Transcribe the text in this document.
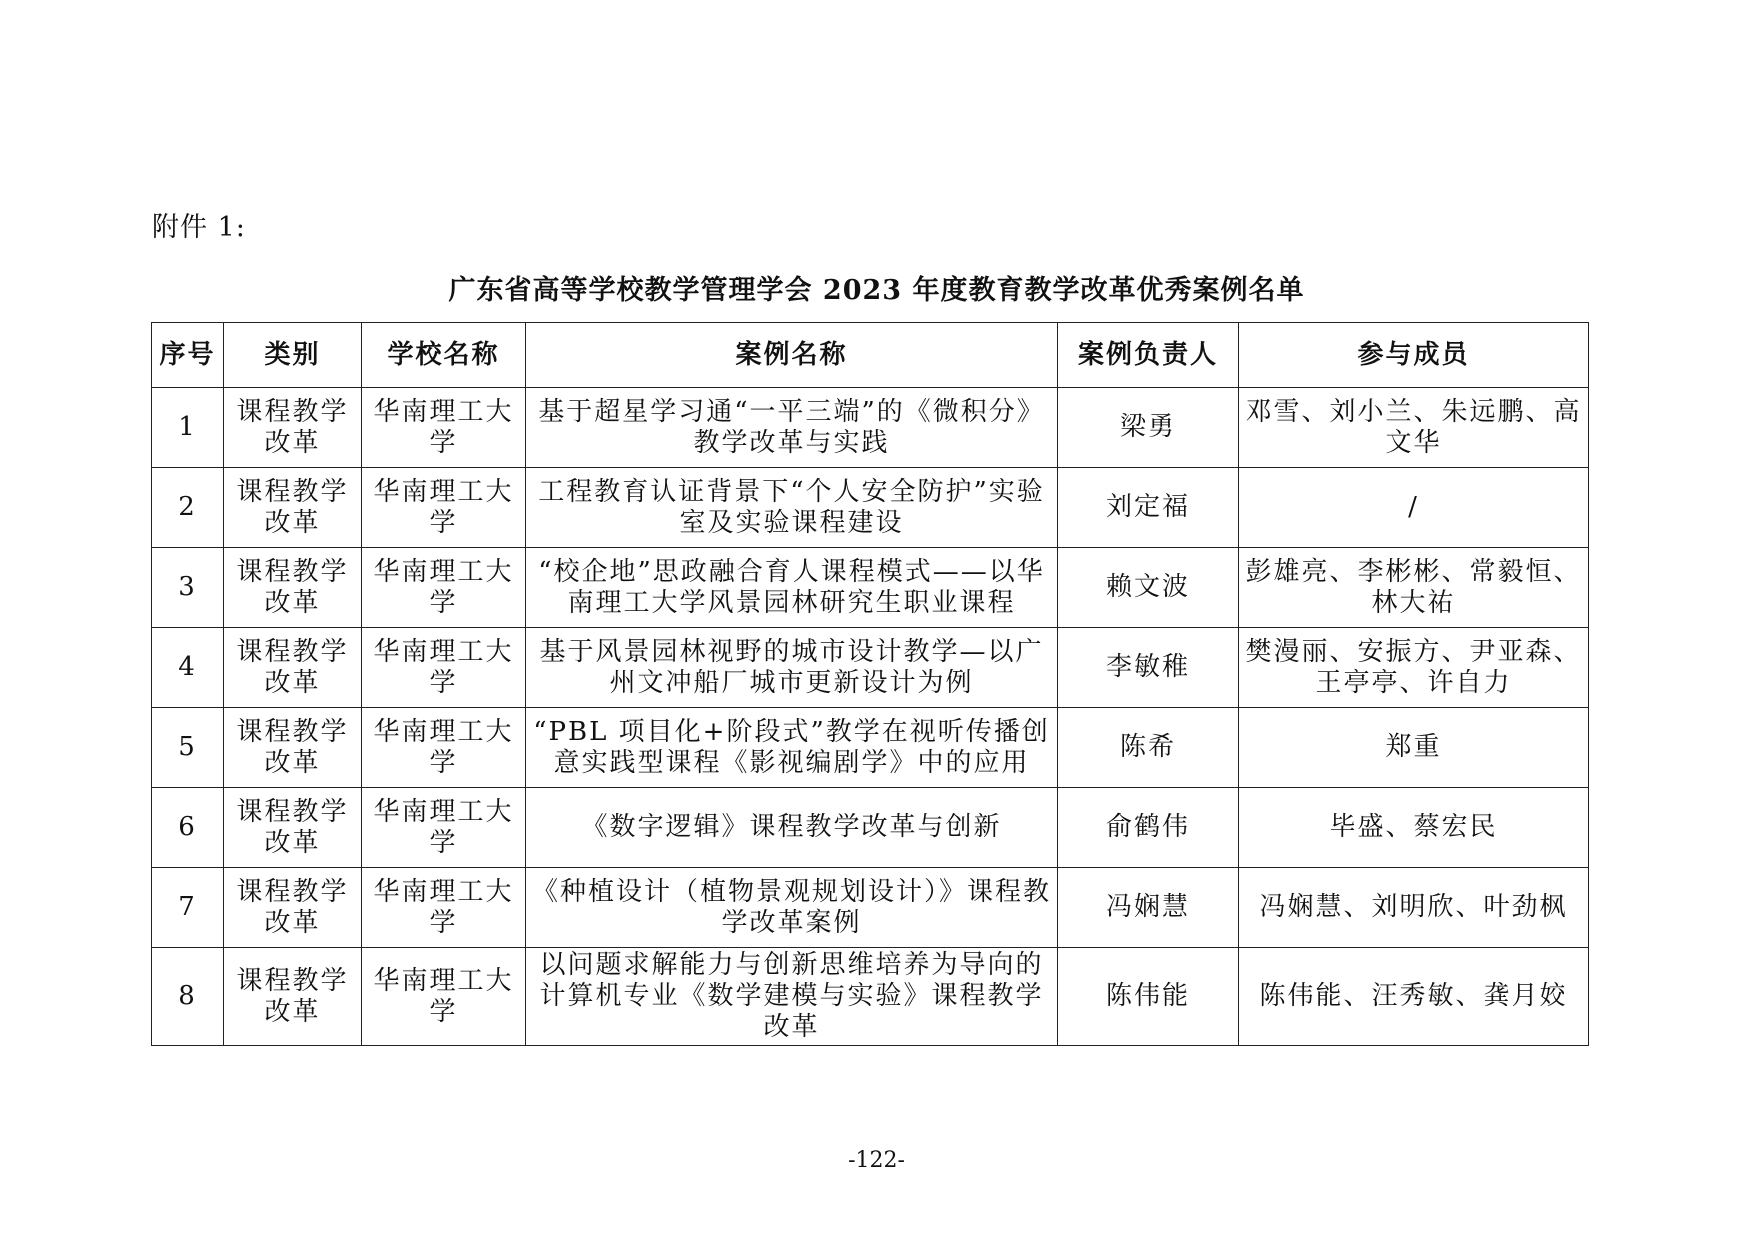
附件 1:
广东省高等学校教学管理学会 2023 年度教育教学改革优秀案例名单
序号	类别	学校名称	案例名称	案例负责人	参与成员
1	课程教学改革	华南理工大学	基于超星学习通“一平三端”的《微积分》教学改革与实践	梁勇	邓雪、刘小兰、朱远鹏、高文华
2	课程教学改革	华南理工大学	工程教育认证背景下“个人安全防护”实验室及实验课程建设	刘定福	/
3	课程教学改革	华南理工大学	“校企地”思政融合育人课程模式——以华南理工大学风景园林研究生职业课程	赖文波	彭雄亮、李彬彬、常毅恒、林大祐
4	课程教学改革	华南理工大学	基于风景园林视野的城市设计教学—以广州文冲船厂城市更新设计为例	李敏稚	樊漫丽、安振方、尹亚森、王亭亭、许自力
5	课程教学改革	华南理工大学	“PBL 项目化+阶段式”教学在视听传播创意实践型课程《影视编剧学》中的应用	陈希	郑重
6	课程教学改革	华南理工大学	《数字逻辑》课程教学改革与创新	俞鹤伟	毕盛、蔡宏民
7	课程教学改革	华南理工大学	《种植设计（植物景观规划设计）》课程教学改革案例	冯娴慧	冯娴慧、刘明欣、叶劲枫
8	课程教学改革	华南理工大学	以问题求解能力与创新思维培养为导向的计算机专业《数学建模与实验》课程教学改革	陈伟能	陈伟能、汪秀敏、龚月姣
-122-
